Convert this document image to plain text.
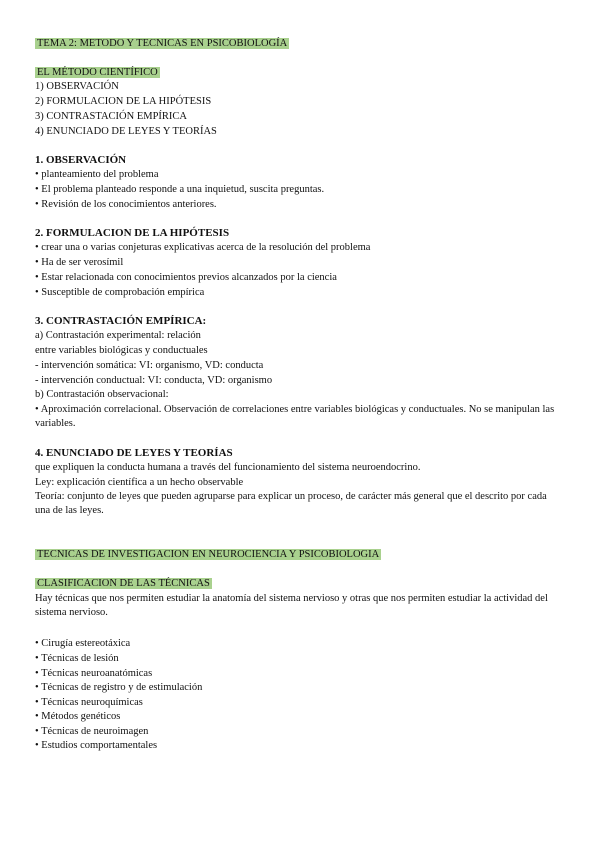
TEMA 2: METODO Y TECNICAS EN PSICOBIOLOGÍA

EL MÉTODO CIENTÍFICO

1) OBSERVACIÓN

2) FORMULACION DE LA HIPÓTESIS

3) CONTRASTACIÓN EMPÍRICA

4) ENUNCIADO DE LEYES Y TEORÍAS

1. OBSERVACIÓN

• planteamiento del problema

• El problema planteado responde a una inquietud, suscita preguntas.

• Revisión de los conocimientos anteriores.

2. FORMULACION DE LA HIPÓTESIS

• crear una o varias conjeturas explicativas acerca de la resolución del problema

• Ha de ser verosímil

• Estar relacionada con conocimientos previos alcanzados por la ciencia

• Susceptible de comprobación empírica

3. CONTRASTACIÓN EMPÍRICA:

a) Contrastación experimental: relación

entre variables biológicas y conductuales

- intervención somática: VI: organismo, VD: conducta

- intervención conductual: VI: conducta, VD: organismo

b) Contrastación observacional:

• Aproximación correlacional. Observación de correlaciones entre variables biológicas y conductuales. No se manipulan las variables.

4. ENUNCIADO DE LEYES Y TEORÍAS

que expliquen la conducta humana a través del funcionamiento del sistema neuroendocrino.

Ley: explicación científica a un hecho observable

Teoría: conjunto de leyes que pueden agruparse para explicar un proceso, de carácter más general que el descrito por cada una de las leyes.

TECNICAS DE INVESTIGACION EN NEUROCIENCIA Y PSICOBIOLOGIA

CLASIFICACION DE LAS TÉCNICAS

Hay técnicas que nos permiten estudiar la anatomía del sistema nervioso y otras que nos permiten estudiar la actividad del sistema nervioso.

• Cirugía estereotáxica

• Técnicas de lesión

• Técnicas neuroanatómicas

• Técnicas de registro y de estimulación

• Técnicas neuroquímicas

• Métodos genéticos

• Técnicas de neuroimagen

• Estudios comportamentales
